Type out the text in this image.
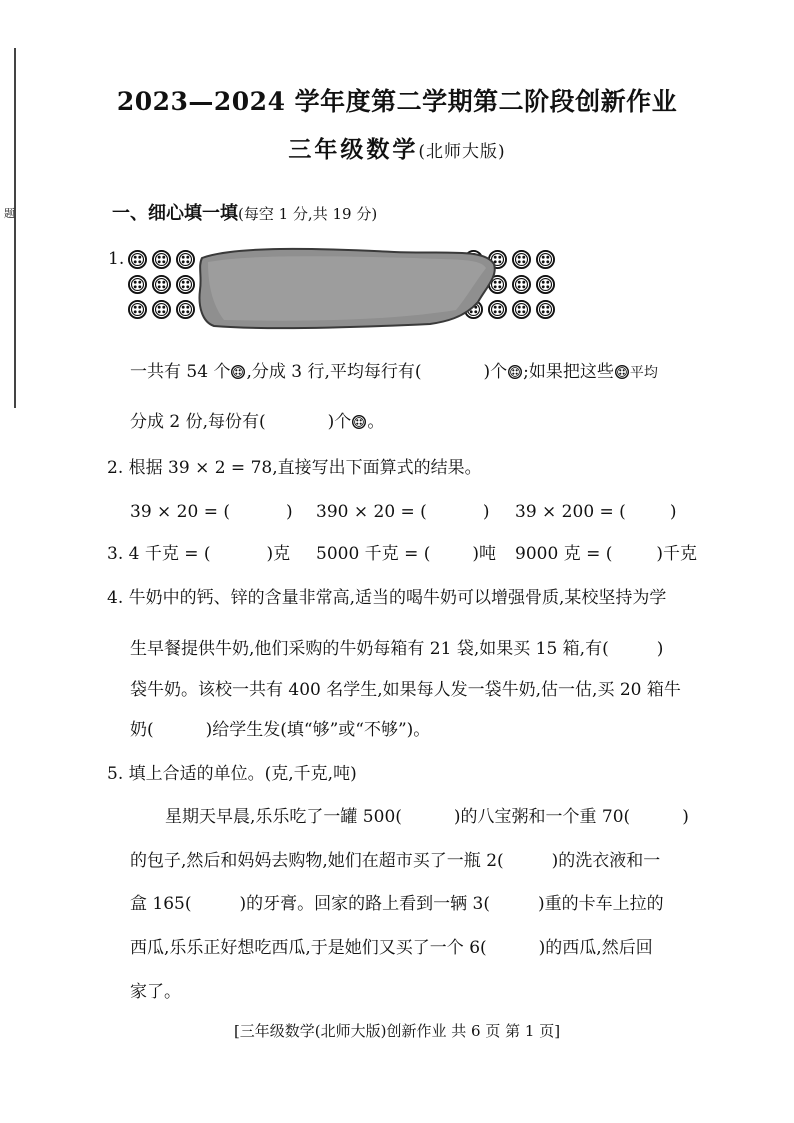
题
2023—2024 学年度第二学期第二阶段创新作业
三年级数学(北师大版)
一、细心填一填(每空 1 分,共 19 分)
1.
一共有 54 个 ,分成 3 行,平均每行有(	)个 ;如果把这些 平均
分成 2 份,每份有(	)个 。
2. 根据 39 × 2 = 78,直接写出下面算式的结果。
39 × 20 = (	) 390 × 20 = (	) 39 × 200 = (	)
3. 4 千克 = (	)克 5000 千克 = ( )吨 9000 克 = (	)千克
4. 牛奶中的钙、锌的含量非常高,适当的喝牛奶可以增强骨质,某校坚持为学
生早餐提供牛奶,他们采购的牛奶每箱有 21 袋,如果买 15 箱,有(	)
袋牛奶。该校一共有 400 名学生,如果每人发一袋牛奶,估一估,买 20 箱牛
奶(	)给学生发(填“够”或“不够”)。
5. 填上合适的单位。(克,千克,吨)
星期天早晨,乐乐吃了一罐 500(	)的八宝粥和一个重 70(	)
的包子,然后和妈妈去购物,她们在超市买了一瓶 2(	)的洗衣液和一
盒 165(	)的牙膏。回家的路上看到一辆 3(	)重的卡车上拉的
西瓜,乐乐正好想吃西瓜,于是她们又买了一个 6(	)的西瓜,然后回
家了。
[三年级数学(北师大版)创新作业 共 6 页 第 1 页]
